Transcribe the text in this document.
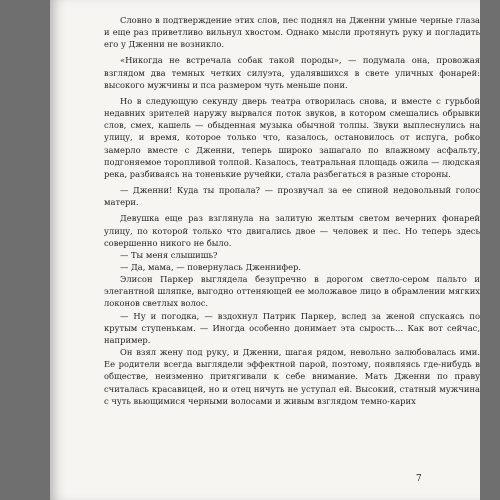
Словно в подтверждение этих слов, пес поднял на Дженни умные черные глаза и еще раз приветливо вильнул хвостом. Однако мысли протянуть руку и погладить его у Дженни не возникло.

«Никогда не встречала собак такой породы», — подумала она, провожая взглядом два темных четких силуэта, удалявшихся в свете уличных фонарей: высокого мужчины и пса размером чуть меньше пони.

Но в следующую секунду дверь театра отворилась снова, и вместе с гурьбой недавних зрителей наружу вырвался поток звуков, в котором смешались обрывки слов, смех, кашель — обыденная музыка обычной толпы. Звуки выплеснулись на улицу, и время, которое только что, казалось, остановилось от испуга, робко замерло вместе с Дженни, теперь широко зашагало по влажному асфальту, подгоняемое торопливой толпой. Казалось, театральная площадь ожила — людская река, разбиваясь на тоненькие ручейки, стала разбегаться в разные стороны.

— Дженни! Куда ты пропала? — прозвучал за ее спиной недовольный голос матери.

Девушка еще раз взглянула на залитую желтым светом вечерних фонарей улицу, по которой только что двигались двое — человек и пес. Но теперь здесь совершенно никого не было.

— Ты меня слышишь?

— Да, мама, — повернулась Дженнифер.

Элисон Паркер выглядела безупречно в дорогом светло-сером пальто и элегантной шляпке, выгодно оттеняющей ее моложавое лицо в обрамлении мягких локонов светлых волос.

— Ну и погодка, — вздохнул Патрик Паркер, вслед за женой спускаясь по крутым ступенькам. — Иногда особенно донимает эта сырость… Как вот сейчас, например.

Он взял жену под руку, и Дженни, шагая рядом, невольно залюбовалась ими. Ее родители всегда выглядели эффектной парой, поэтому, появляясь где-нибудь в обществе, неизменно притягивали к себе внимание. Мать Дженни по праву считалась красавицей, но и отец ничуть не уступал ей. Высокий, статный мужчина с чуть вьющимися черными волосами и живым взглядом темно-карих

7
